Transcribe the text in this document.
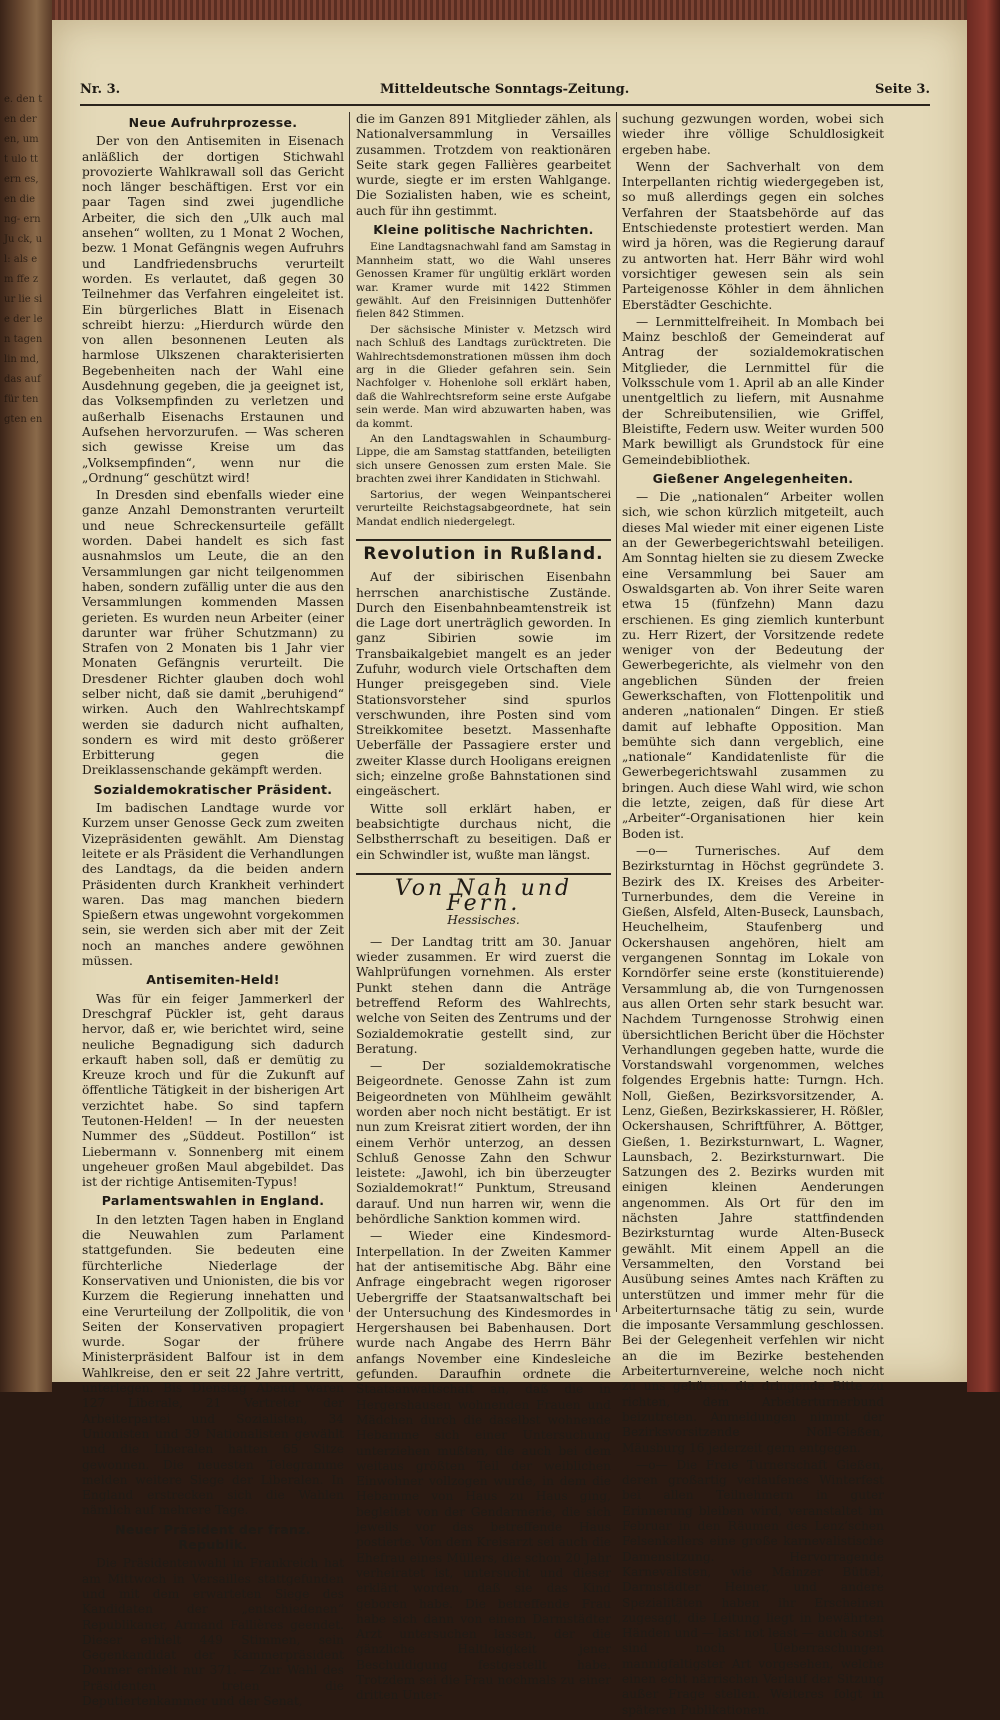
e. den ten der en, um t ulo tt ern es, en die ng- ern Ju ck, ul: als em ffe zur lie sie der len tagen lin md, das auf für ten gten en
Nr. 3.	Mitteldeutsche Sonntags-Zeitung.	Seite 3.
Neue Aufruhrprozesse.

Der von den Antisemiten in Eisenach anläßlich der dortigen Stichwahl provozierte Wahlkrawall soll das Gericht noch länger beschäftigen. Erst vor ein paar Tagen sind zwei jugendliche Arbeiter, die sich den „Ulk auch mal ansehen“ wollten, zu 1 Monat 2 Wochen, bezw. 1 Monat Gefängnis wegen Aufruhrs und Landfriedensbruchs verurteilt worden. Es verlautet, daß gegen 30 Teilnehmer das Verfahren eingeleitet ist. Ein bürgerliches Blatt in Eisenach schreibt hierzu: „Hierdurch würde den von allen besonnenen Leuten als harmlose Ulkszenen charakterisierten Begebenheiten nach der Wahl eine Ausdehnung gegeben, die ja geeignet ist, das Volksempfinden zu verletzen und außerhalb Eisenachs Erstaunen und Aufsehen hervorzurufen. — Was scheren sich gewisse Kreise um das „Volksempfinden“, wenn nur die „Ordnung“ geschützt wird!

In Dresden sind ebenfalls wieder eine ganze Anzahl Demonstranten verurteilt und neue Schreckensurteile gefällt worden. Dabei handelt es sich fast ausnahmslos um Leute, die an den Versammlungen gar nicht teilgenommen haben, sondern zufällig unter die aus den Versammlungen kommenden Massen gerieten. Es wurden neun Arbeiter (einer darunter war früher Schutzmann) zu Strafen von 2 Monaten bis 1 Jahr vier Monaten Gefängnis verurteilt. Die Dresdener Richter glauben doch wohl selber nicht, daß sie damit „beruhigend“ wirken. Auch den Wahlrechtskampf werden sie dadurch nicht aufhalten, sondern es wird mit desto größerer Erbitterung gegen die Dreiklassenschande gekämpft werden.

Sozialdemokratischer Präsident.

Im badischen Landtage wurde vor Kurzem unser Genosse Geck zum zweiten Vizepräsidenten gewählt. Am Dienstag leitete er als Präsident die Verhandlungen des Landtags, da die beiden andern Präsidenten durch Krankheit verhindert waren. Das mag manchen biedern Spießern etwas ungewohnt vorgekommen sein, sie werden sich aber mit der Zeit noch an manches andere gewöhnen müssen.

Antisemiten-Held!

Was für ein feiger Jammerkerl der Dreschgraf Pückler ist, geht daraus hervor, daß er, wie berichtet wird, seine neuliche Begnadigung sich dadurch erkauft haben soll, daß er demütig zu Kreuze kroch und für die Zukunft auf öffentliche Tätigkeit in der bisherigen Art verzichtet habe. So sind tapfern Teutonen-Helden! — In der neuesten Nummer des „Süddeut. Postillon“ ist Liebermann v. Sonnenberg mit einem ungeheuer großen Maul abgebildet. Das ist der richtige Antisemiten-Typus!

Parlamentswahlen in England.

In den letzten Tagen haben in England die Neuwahlen zum Parlament stattgefunden. Sie bedeuten eine fürchterliche Niederlage der Konservativen und Unionisten, die bis vor Kurzem die Regierung innehatten und eine Verurteilung der Zollpolitik, die von Seiten der Konservativen propagiert wurde. Sogar der frühere Ministerpräsident Balfour ist in dem Wahlkreise, den er seit 22 Jahre vertritt, unterlegen. Bis Dienstag Abend waren 127 Liberale, 21 Vertreter der Arbeiterpartei und Sozialisten, 34 Unionisten und 39 Nationalisten gewählt und die Liberalen hatten 65 Sitze gewonnen. Die neuesten Telegramme melden weitere Siege der Liberalen. In England erstrecken sich die Wahlen nämlich auf mehrere Tage.

Neuer Präsident der franz. Republik.

Die Präsidentenwahl in Frankreich hat am Mittwoch in Versailles stattgefunden und mit dem erwarteten Siege des Kandidaten der „entschiedenen“ Republikaner, Armand Fallières geendet. Dieser erhielt 449 Stimmen, sein Gegenkandidat der Kammerpräsident Doumer erhielt nur 371. — Zur Wahl des Präsidenten treten die Deputiertenkammer und der Senat,

die im Ganzen 891 Mitglieder zählen, als Nationalversammlung in Versailles zusammen. Trotzdem von reaktionären Seite stark gegen Fallières gearbeitet wurde, siegte er im ersten Wahlgange. Die Sozialisten haben, wie es scheint, auch für ihn gestimmt.

Kleine politische Nachrichten.

Eine Landtagsnachwahl fand am Samstag in Mannheim statt, wo die Wahl unseres Genossen Kramer für ungültig erklärt worden war. Kramer wurde mit 1422 Stimmen gewählt. Auf den Freisinnigen Duttenhöfer fielen 842 Stimmen.

Der sächsische Minister v. Metzsch wird nach Schluß des Landtags zurücktreten. Die Wahlrechtsdemonstrationen müssen ihm doch arg in die Glieder gefahren sein. Sein Nachfolger v. Hohenlohe soll erklärt haben, daß die Wahlrechtsreform seine erste Aufgabe sein werde. Man wird abzuwarten haben, was da kommt.

An den Landtagswahlen in Schaumburg-Lippe, die am Samstag stattfanden, beteiligten sich unsere Genossen zum ersten Male. Sie brachten zwei ihrer Kandidaten in Stichwahl.

Sartorius, der wegen Weinpantscherei verurteilte Reichstagsabgeordnete, hat sein Mandat endlich niedergelegt.

Revolution in Rußland.

Auf der sibirischen Eisenbahn herrschen anarchistische Zustände. Durch den Eisenbahnbeamtenstreik ist die Lage dort unerträglich geworden. In ganz Sibirien sowie im Transbaikalgebiet mangelt es an jeder Zufuhr, wodurch viele Ortschaften dem Hunger preisgegeben sind. Viele Stationsvorsteher sind spurlos verschwunden, ihre Posten sind vom Streikkomitee besetzt. Massenhafte Ueberfälle der Passagiere erster und zweiter Klasse durch Hooligans ereignen sich; einzelne große Bahnstationen sind eingeäschert.

Witte soll erklärt haben, er beabsichtigte durchaus nicht, die Selbstherrschaft zu beseitigen. Daß er ein Schwindler ist, wußte man längst.

Von Nah und Fern.
Hessisches.

— Der Landtag tritt am 30. Januar wieder zusammen. Er wird zuerst die Wahlprüfungen vornehmen. Als erster Punkt stehen dann die Anträge betreffend Reform des Wahlrechts, welche von Seiten des Zentrums und der Sozialdemokratie gestellt sind, zur Beratung.

— Der sozialdemokratische Beigeordnete. Genosse Zahn ist zum Beigeordneten von Mühlheim gewählt worden aber noch nicht bestätigt. Er ist nun zum Kreisrat zitiert worden, der ihn einem Verhör unterzog, an dessen Schluß Genosse Zahn den Schwur leistete: „Jawohl, ich bin überzeugter Sozialdemokrat!“ Punktum, Streusand darauf. Und nun harren wir, wenn die behördliche Sanktion kommen wird.

— Wieder eine Kindesmord-Interpellation. In der Zweiten Kammer hat der antisemitische Abg. Bähr eine Anfrage eingebracht wegen rigoroser Uebergriffe der Staatsanwaltschaft bei der Untersuchung des Kindesmordes in Hergershausen bei Babenhausen. Dort wurde nach Angabe des Herrn Bähr anfangs November eine Kindesleiche gefunden. Daraufhin ordnete die Staatsanwaltschaft an, daß die in Hergershausen wohnenden Frauen und Mädchen durch die daselbst wohnende Hebamme sich einer Untersuchung unterziehen mußten, die auch bei dem weitaus größten Teil der weiblichen Einwohner vollzogen wurde, in dem die Hebamme von Haus zu Haus ging, begleitet von der Gendarmerie, die sich jeweils vor das betreffende Haus postierte. Von dem Kreisarzt sei auch die Ehefrau eines Müllers, die schon 20 Jahr verheiratet ist, untersucht und dieser erklärt worden, daß sie das Kind geboren habe. Die betreffende Frau habe sich dann von einem Darmstädter Arzt untersuchen lassen, der die gänzliche Haltlosigkeit jener Beschuldigung festgestellt habe. Trotzdem sei die Frau nochmals zu einer dritten Unter-

suchung gezwungen worden, wobei sich wieder ihre völlige Schuldlosigkeit ergeben habe.

Wenn der Sachverhalt von dem Interpellanten richtig wiedergegeben ist, so muß allerdings gegen ein solches Verfahren der Staatsbehörde auf das Entschiedenste protestiert werden. Man wird ja hören, was die Regierung darauf zu antworten hat. Herr Bähr wird wohl vorsichtiger gewesen sein als sein Parteigenosse Köhler in dem ähnlichen Eberstädter Geschichte.

— Lernmittelfreiheit. In Mombach bei Mainz beschloß der Gemeinderat auf Antrag der sozialdemokratischen Mitglieder, die Lernmittel für die Volksschule vom 1. April ab an alle Kinder unentgeltlich zu liefern, mit Ausnahme der Schreibutensilien, wie Griffel, Bleistifte, Federn usw. Weiter wurden 500 Mark bewilligt als Grundstock für eine Gemeindebibliothek.

Gießener Angelegenheiten.

— Die „nationalen“ Arbeiter wollen sich, wie schon kürzlich mitgeteilt, auch dieses Mal wieder mit einer eigenen Liste an der Gewerbegerichtswahl beteiligen. Am Sonntag hielten sie zu diesem Zwecke eine Versammlung bei Sauer am Oswaldsgarten ab. Von ihrer Seite waren etwa 15 (fünfzehn) Mann dazu erschienen. Es ging ziemlich kunterbunt zu. Herr Rizert, der Vorsitzende redete weniger von der Bedeutung der Gewerbegerichte, als vielmehr von den angeblichen Sünden der freien Gewerkschaften, von Flottenpolitik und anderen „nationalen“ Dingen. Er stieß damit auf lebhafte Opposition. Man bemühte sich dann vergeblich, eine „nationale“ Kandidatenliste für die Gewerbegerichtswahl zusammen zu bringen. Auch diese Wahl wird, wie schon die letzte, zeigen, daß für diese Art „Arbeiter“-Organisationen hier kein Boden ist.

—o— Turnerisches. Auf dem Bezirksturntag in Höchst gegründete 3. Bezirk des IX. Kreises des Arbeiter-Turnerbundes, dem die Vereine in Gießen, Alsfeld, Alten-Buseck, Launsbach, Heuchelheim, Staufenberg und Ockershausen angehören, hielt am vergangenen Sonntag im Lokale von Korndörfer seine erste (konstituierende) Versammlung ab, die von Turngenossen aus allen Orten sehr stark besucht war. Nachdem Turngenosse Strohwig einen übersichtlichen Bericht über die Höchster Verhandlungen gegeben hatte, wurde die Vorstandswahl vorgenommen, welches folgendes Ergebnis hatte: Turngn. Hch. Noll, Gießen, Bezirksvorsitzender, A. Lenz, Gießen, Bezirkskassierer, H. Rößler, Ockershausen, Schriftführer, A. Böttger, Gießen, 1. Bezirksturnwart, L. Wagner, Launsbach, 2. Bezirksturnwart. Die Satzungen des 2. Bezirks wurden mit einigen kleinen Aenderungen angenommen. Als Ort für den im nächsten Jahre stattfindenden Bezirksturntag wurde Alten-Buseck gewählt. Mit einem Appell an die Versammelten, den Vorstand bei Ausübung seines Amtes nach Kräften zu unterstützen und immer mehr für die Arbeiterturnsache tätig zu sein, wurde die imposante Versammlung geschlossen. Bei der Gelegenheit verfehlen wir nicht an die im Bezirke bestehenden Arbeiterturnvereine, welche noch nicht zu uns gehören, die dringende Bitte zu richten, dem Arbeiterturnerbund beizutreten. Anmeldungen nimmt der Bezirksvorsitzende Noll-Gießen, Mäusburg 16 jederzeit gern entgegen.

—o— Die Freie Turnerschaft Gießen, deren großartig verlaufenes Winterfest bei allen Teilnehmern in guter Erinnerung bleiben wird, veranstaltet im Februar in den Räumen des Lenz’schen Felsenkellers eine große karnevalistische Damensitzung. Hervorragende Karnevalisten, wie Mainzer Büttel, Darmstädter Heiner, und andere Spezialitäten haben ihr Erscheinen zugesagt, die Leitung liegt in bewährten Händen und — last not least — auch sonst sind noch Ueberraschungen mannigfaltigster Art vorgesehen, welche einen echt närrischen Verlauf der Sitzung außer Frage stellen. Weiteres folgt in späteren Publikationen.
